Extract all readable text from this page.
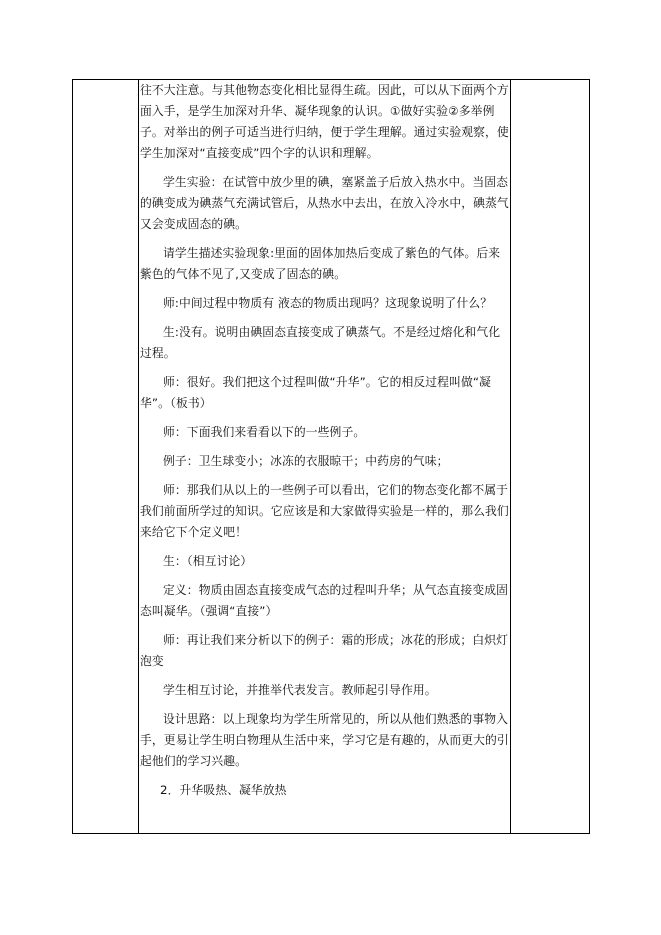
往不大注意。与其他物态变化相比显得生疏。因此，可以从下面两个方面入手，是学生加深对升华、凝华现象的认识。①做好实验②多举例子。对举出的例子可适当进行归纳，便于学生理解。通过实验观察，使学生加深对“直接变成”四个字的认识和理解。

学生实验：在试管中放少里的碘，塞紧盖子后放入热水中。当固态的碘变成为碘蒸气充满试管后，从热水中去出，在放入冷水中，碘蒸气又会变成固态的碘。

请学生描述实验现象:里面的固体加热后变成了紫色的气体。后来紫色的气体不见了,又变成了固态的碘。

师:中间过程中物质有 液态的物质出现吗？这现象说明了什么？

生:没有。说明由碘固态直接变成了碘蒸气。不是经过熔化和气化过程。

师：很好。我们把这个过程叫做“升华”。它的相反过程叫做“凝华”。（板书）

师：下面我们来看看以下的一些例子。

例子：卫生球变小；冰冻的衣服晾干；中药房的气味；

师：那我们从以上的一些例子可以看出，它们的物态变化都不属于我们前面所学过的知识。它应该是和大家做得实验是一样的，那么我们来给它下个定义吧！

生：（相互讨论）

定义：物质由固态直接变成气态的过程叫升华；从气态直接变成固态叫凝华。（强调“直接”）

师：再让我们来分析以下的例子：霜的形成；冰花的形成；白炽灯泡变

学生相互讨论，并推举代表发言。教师起引导作用。

设计思路：以上现象均为学生所常见的，所以从他们熟悉的事物入手，更易让学生明白物理从生活中来，学习它是有趣的，从而更大的引起他们的学习兴趣。

2．升华吸热、凝华放热
